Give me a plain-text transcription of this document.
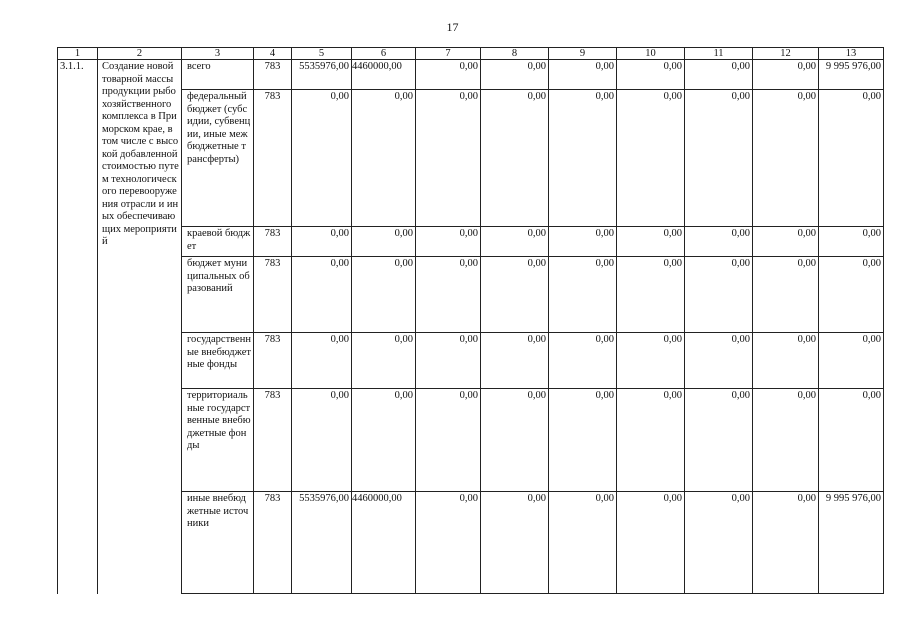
17
1	2	3	4	5	6	7	8	9	10	11	12	13
3.1.1.	Создание новой товарной массы продукции рыбохозяйственного комплекса в Приморском крае, в том числе с высокой добавленной стоимостью путем технологического перевооружения отрасли и иных обеспечивающих мероприятий	всего	783	5535976,00	4460000,00	0,00	0,00	0,00	0,00	0,00	0,00	9 995 976,00
		федеральный бюджет (субсидии, субвенции, иные межбюджетные трансферты)	783	0,00	0,00	0,00	0,00	0,00	0,00	0,00	0,00	0,00
		краевой бюджет	783	0,00	0,00	0,00	0,00	0,00	0,00	0,00	0,00	0,00
		бюджет муниципальных образований	783	0,00	0,00	0,00	0,00	0,00	0,00	0,00	0,00	0,00
		государственные внебюджетные фонды	783	0,00	0,00	0,00	0,00	0,00	0,00	0,00	0,00	0,00
		территориальные государственные внебюджетные фонды	783	0,00	0,00	0,00	0,00	0,00	0,00	0,00	0,00	0,00
		иные внебюджетные источники	783	5535976,00	4460000,00	0,00	0,00	0,00	0,00	0,00	0,00	9 995 976,00
